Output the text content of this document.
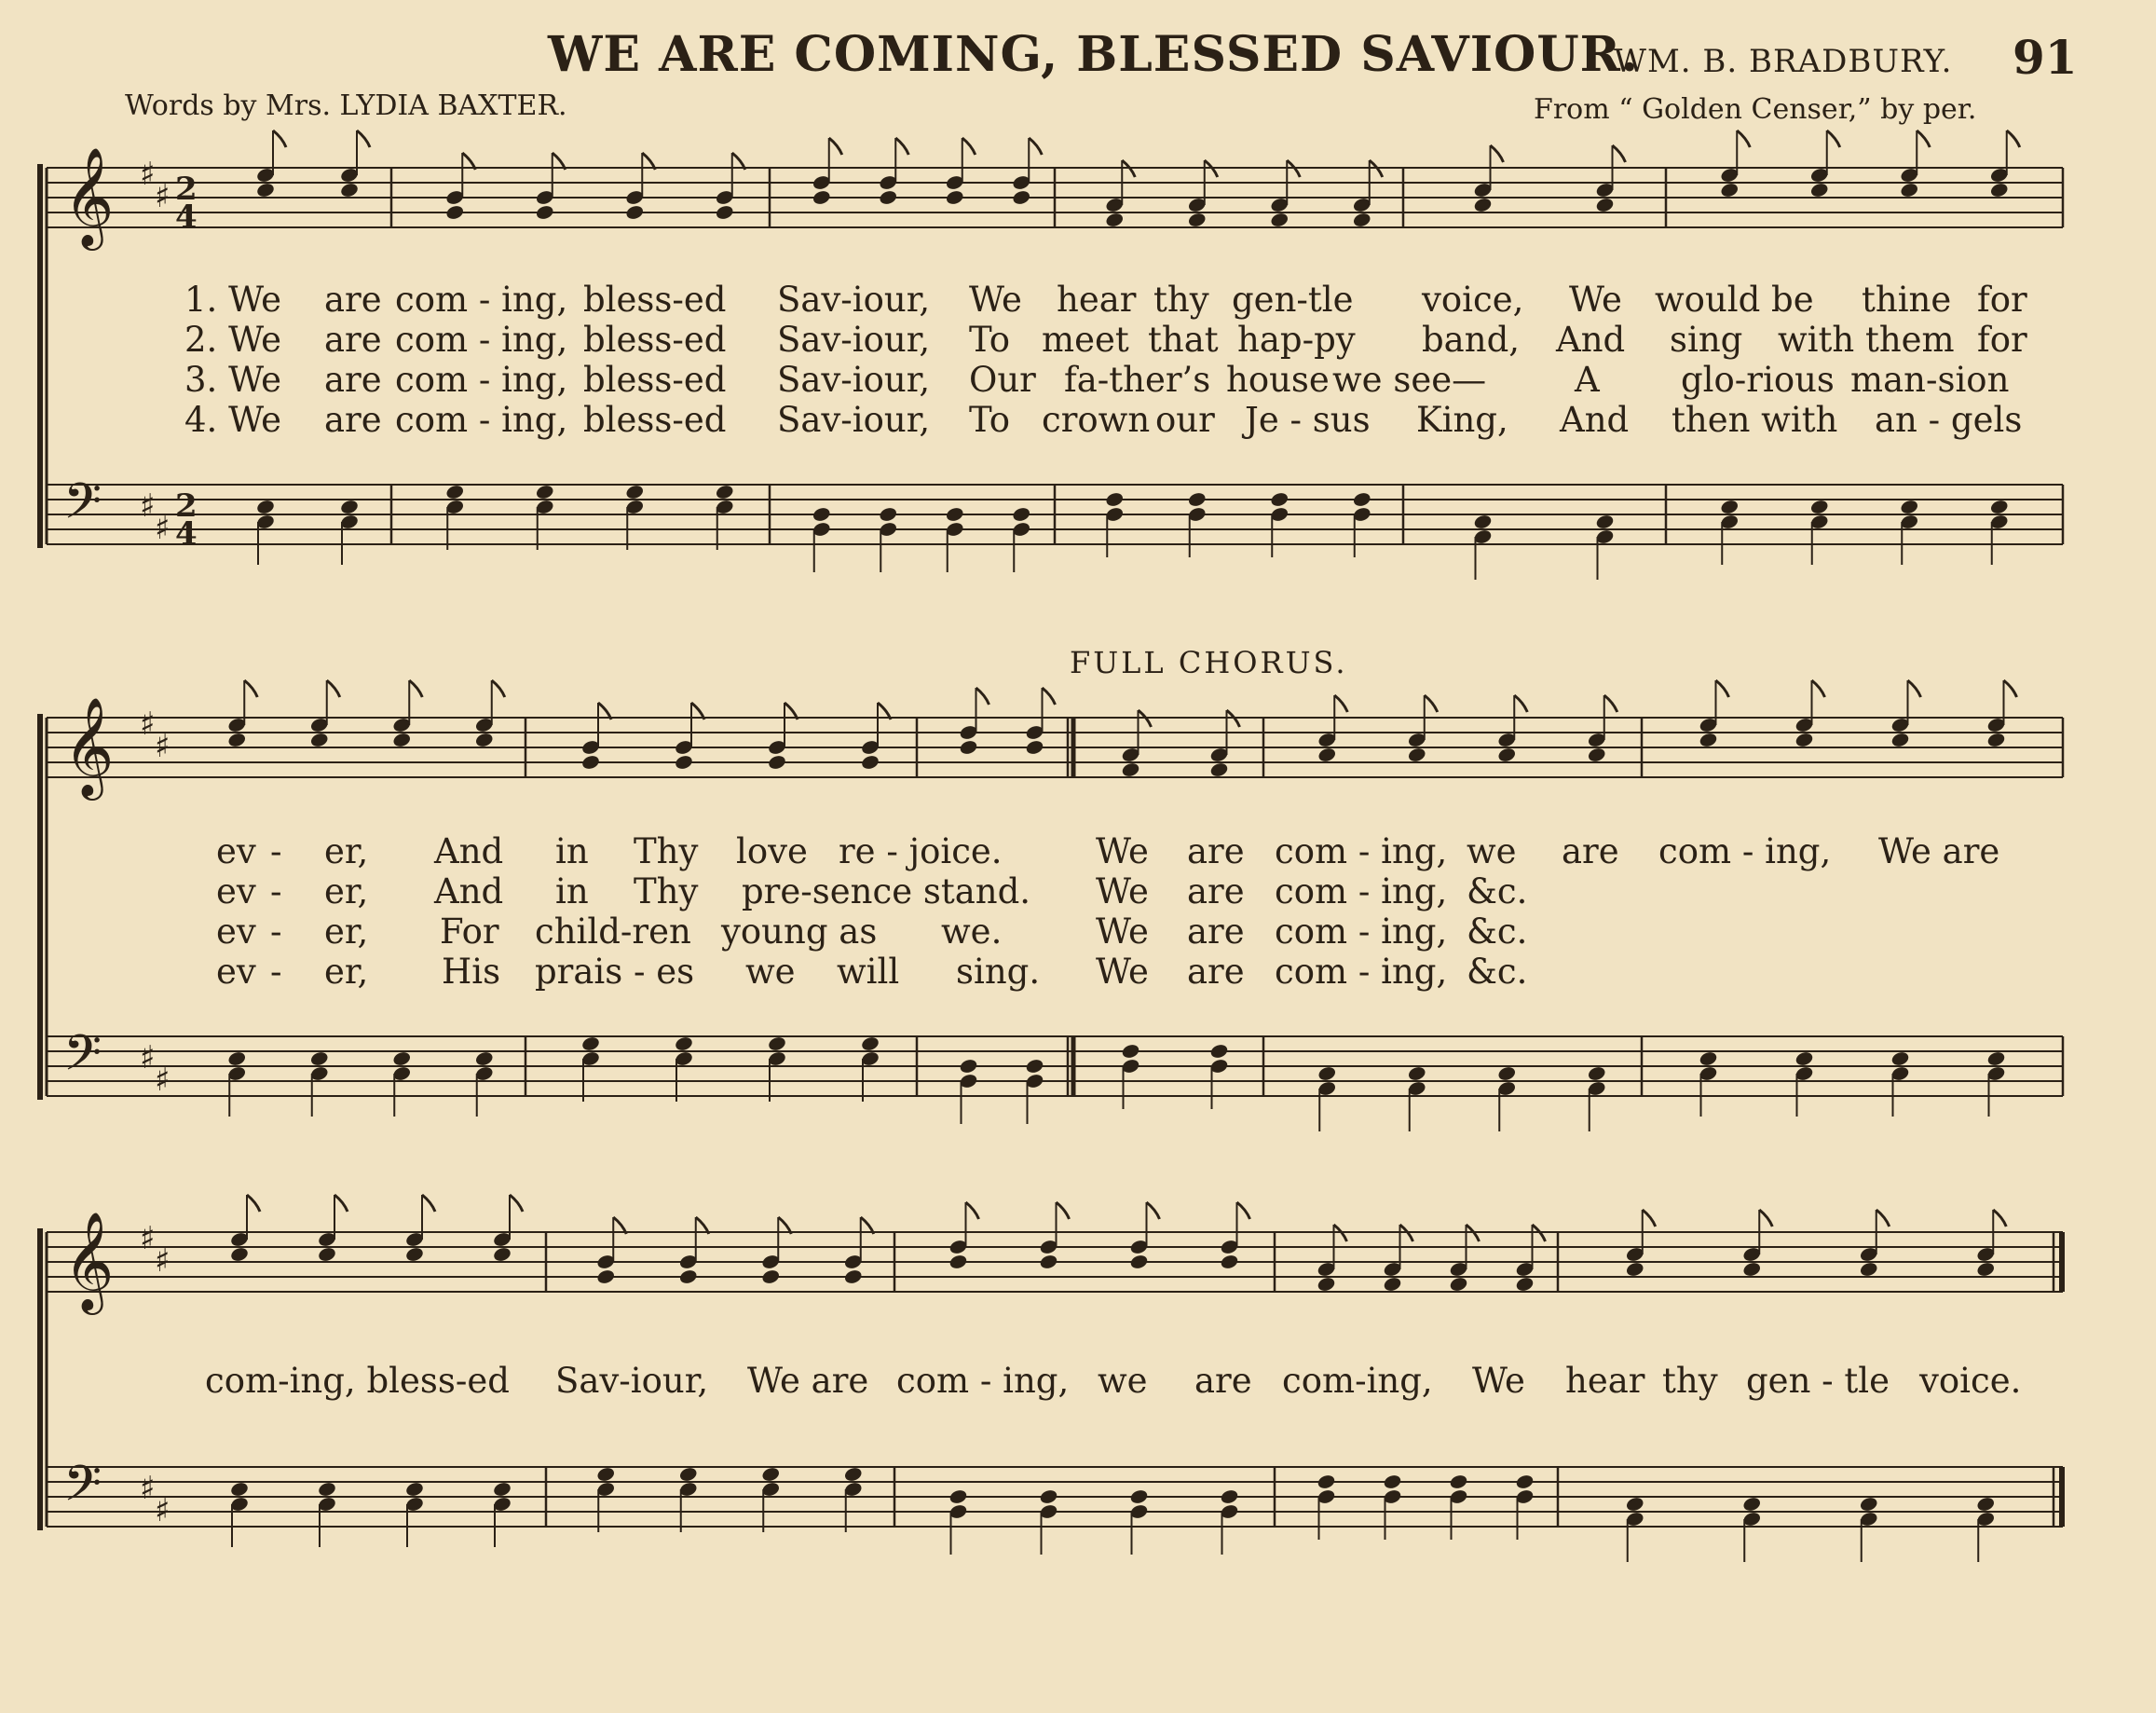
𝄞 ♯
♯ 2
4
𝄢 ♯
♯
2
4
𝄞 ♯
♯
𝄢 ♯
♯
𝄞 ♯
♯
𝄢 ♯
♯
WE ARE COMING, BLESSED SAVIOUR.
WM. B. BRADBURY. 91
Words by Mrs. LYDIA BAXTER.	From “ Golden Censer,” by per.
FULL CHORUS.
1. We are com - ing, bless-ed Sav-iour, We hear thy gen-tle voice, We would be thine for
2. We are com - ing, bless-ed Sav-iour, To meet that hap-py band, And sing with them for
3. We are com - ing, bless-ed Sav-iour, Our fa-ther’s house we see—	A glo-rious man-sion
4. We are com - ing, bless-ed Sav-iour, To crown our Je - sus King, And then with an - gels
ev - er, And in Thy love re - joice.	We are com - ing, we are com - ing, We are
ev - er, And in Thy pre-sence stand. We are com - ing, &c.
ev - er, For child-ren young as we.	We are com - ing, &c.
ev - er, His prais - es we will sing. We are com - ing, &c.
com-ing, bless-ed Sav-iour, We are com - ing, we are com-ing, We hear thy gen - tle voice.
